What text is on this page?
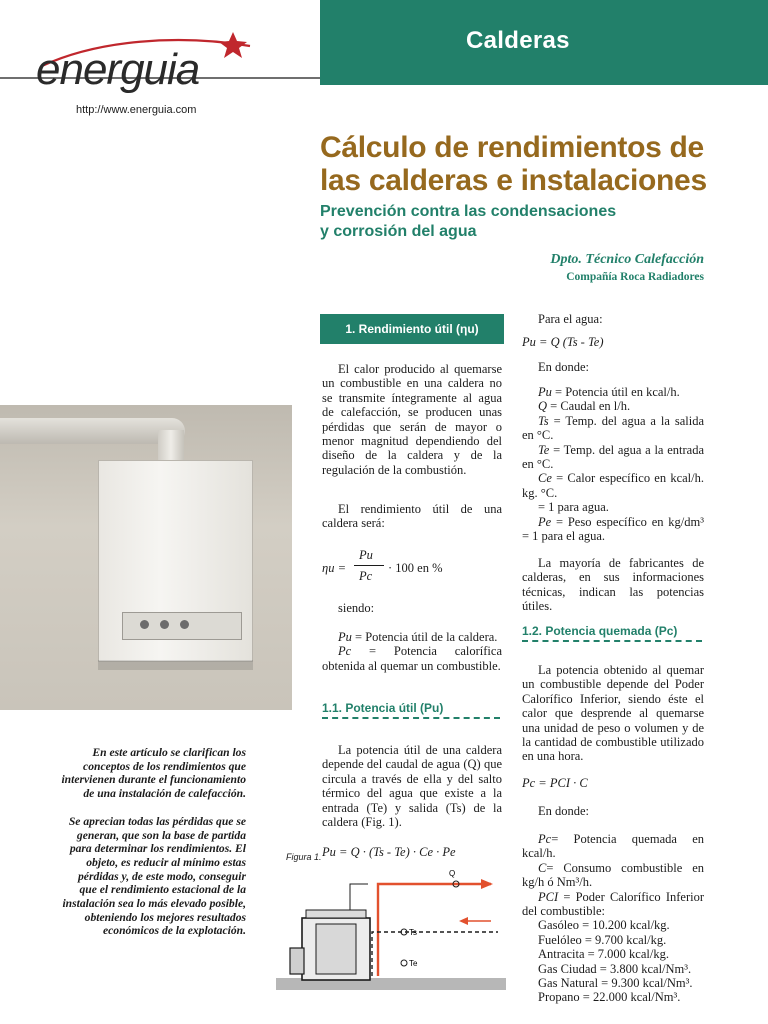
Calderas
energuia
http://www.energuia.com
Cálculo de rendimientos de
las calderas e instalaciones
Prevención contra las condensaciones
y corrosión del agua
Dpto. Técnico Calefacción
Compañía Roca Radiadores

En este artículo se clarifican los conceptos de los rendimientos que intervienen durante el funcionamiento de una instalación de calefacción.

Se aprecian todas las pérdidas que se generan, que son la base de partida para determinar los rendimientos. El objeto, es reducir al mínimo estas pérdidas y, de este modo, conseguir que el rendimiento estacional de la instalación sea lo más elevado posible, obteniendo los mejores resultados económicos de la explotación.

1. Rendimiento útil (ηu)

El calor producido al quemarse un combustible en una caldera no se transmite íntegramente al agua de calefacción, se producen unas pérdidas que serán de mayor o menor magnitud dependiendo del diseño de la caldera y de la regulación de la combustión.

El rendimiento útil de una caldera será:

ηu =
Pu
Pc
· 100 en %

siendo:

Pu = Potencia útil de la caldera.

Pc = Potencia calorífica obtenida al quemar un combustible.

1.1. Potencia útil (Pu)

La potencia útil de una caldera depende del caudal de agua (Q) que circula a través de ella y del salto térmico del agua que existe a la entrada (Te) y salida (Ts) de la caldera (Fig. 1).

Figura 1. Pu = Q · (Ts - Te) · Ce · Pe
Q
Ts
Te

Para el agua:

Pu = Q (Ts - Te)

En donde:

Pu = Potencia útil en kcal/h.

Q = Caudal en l/h.

Ts = Temp. del agua a la salida en °C.

Te = Temp. del agua a la entrada en °C.

Ce = Calor específico en kcal/h. kg. °C.

= 1 para agua.

Pe = Peso específico en kg/dm³ = 1 para el agua.

La mayoría de fabricantes de calderas, en sus informaciones técnicas, indican las potencias útiles.

1.2. Potencia quemada (Pc)

La potencia obtenido al quemar un combustible depende del Poder Calorífico Inferior, siendo éste el calor que desprende al quemarse una unidad de peso o volumen y de la cantidad de combustible utilizado en una hora.

Pc = PCI · C

En donde:

Pc= Potencia quemada en kcal/h.

C= Consumo combustible en kg/h ó Nm³/h.

PCI = Poder Calorífico Inferior del combustible:

Gasóleo = 10.200 kcal/kg.

Fuelóleo = 9.700 kcal/kg.

Antracita = 7.000 kcal/kg.

Gas Ciudad = 3.800 kcal/Nm³.

Gas Natural = 9.300 kcal/Nm³.

Propano = 22.000 kcal/Nm³.
